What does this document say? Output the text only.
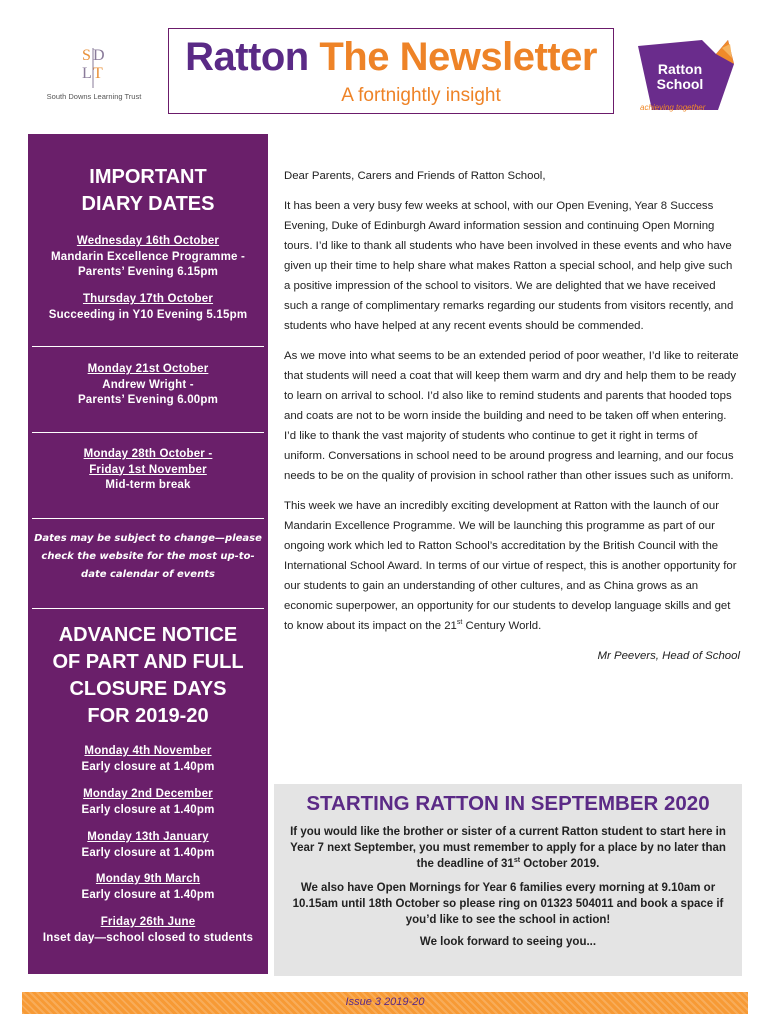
S D
L T
South Downs Learning Trust
Ratton The Newsletter
A fortnightly insight
Ratton
School
achieving together
IMPORTANT
DIARY DATES
Wednesday 16th October
Mandarin Excellence Programme -
Parents’ Evening 6.15pm
Thursday 17th October
Succeeding in Y10 Evening 5.15pm
Monday 21st October
Andrew Wright -
Parents’ Evening 6.00pm
Monday 28th October -
Friday 1st November
Mid-term break
Dates may be subject to change—please check the website for the most up-to-date calendar of events
ADVANCE NOTICE
OF PART AND FULL
CLOSURE DAYS
FOR 2019-20
Monday 4th November
Early closure at 1.40pm
Monday 2nd December
Early closure at 1.40pm
Monday 13th January
Early closure at 1.40pm
Monday 9th March
Early closure at 1.40pm
Friday 26th June
Inset day—school closed to students

Dear Parents, Carers and Friends of Ratton School,

It has been a very busy few weeks at school, with our Open Evening, Year 8 Success Evening, Duke of Edinburgh Award information session and continuing Open Morning tours. I’d like to thank all students who have been involved in these events and who have given up their time to help share what makes Ratton a special school, and help give such a positive impression of the school to visitors. We are delighted that we have received such a range of complimentary remarks regarding our students from visitors recently, and students who have helped at any recent events should be commended.

As we move into what seems to be an extended period of poor weather, I’d like to reiterate that students will need a coat that will keep them warm and dry and help them to be ready to learn on arrival to school. I’d also like to remind students and parents that hooded tops and coats are not to be worn inside the building and need to be taken off when entering. I’d like to thank the vast majority of students who continue to get it right in terms of uniform. Conversations in school need to be around progress and learning, and our focus needs to be on the quality of provision in school rather than other issues such as uniform.

This week we have an incredibly exciting development at Ratton with the launch of our Mandarin Excellence Programme. We will be launching this programme as part of our ongoing work which led to Ratton School’s accreditation by the British Council with the International School Award. In terms of our virtue of respect, this is another opportunity for our students to gain an understanding of other cultures, and as China grows as an economic superpower, an opportunity for our students to develop language skills and get to know about its impact on the 21st Century World.

Mr Peevers, Head of School

STARTING RATTON IN SEPTEMBER 2020
If you would like the brother or sister of a current Ratton student to start here in Year 7 next September, you must remember to apply for a place by no later than the deadline of 31st October 2019.
We also have Open Mornings for Year 6 families every morning at 9.10am or 10.15am until 18th October so please ring on 01323 504011 and book a space if you’d like to see the school in action!
We look forward to seeing you...
Issue 3 2019-20
